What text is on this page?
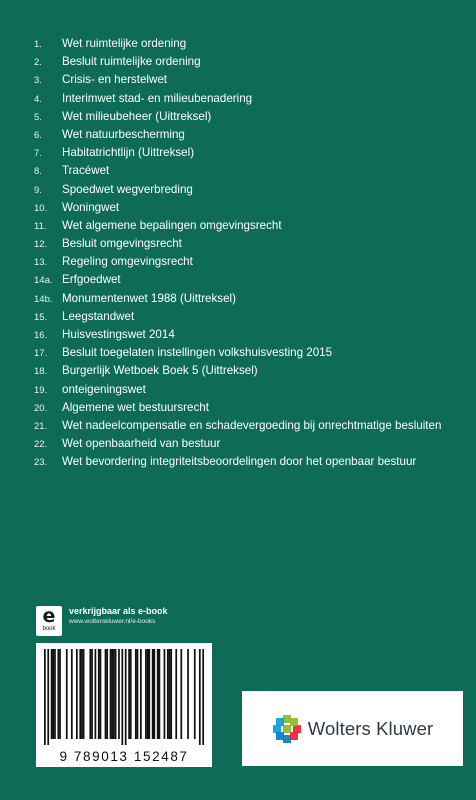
1.	Wet ruimtelijke ordening
2.	Besluit ruimtelijke ordening
3.	Crisis- en herstelwet
4.	Interimwet stad- en milieubenadering
5.	Wet milieubeheer (Uittreksel)
6.	Wet natuurbescherming
7.	Habitatrichtlijn (Uittreksel)
8.	Tracéwet
9.	Spoedwet wegverbreding
10.	Woningwet
11.	Wet algemene bepalingen omgevingsrecht
12.	Besluit omgevingsrecht
13.	Regeling omgevingsrecht
14a. Erfgoedwet
14b. Monumentenwet 1988 (Uittreksel)
15.	Leegstandwet
16.	Huisvestingswet 2014
17.	Besluit toegelaten instellingen volkshuisvesting 2015
18.	Burgerlijk Wetboek Boek 5 (Uittreksel)
19.	onteigeningswet
20.	Algemene wet bestuursrecht
21.	Wet nadeelcompensatie en schadevergoeding bij onrechtmatige besluiten
22.	Wet openbaarheid van bestuur
23.	Wet bevordering integriteitsbeoordelingen door het openbaar bestuur
e
book
verkrijgbaar als e-book
www.wolterskluwer.nl/e-books
9 789013 152487
Wolters Kluwer
